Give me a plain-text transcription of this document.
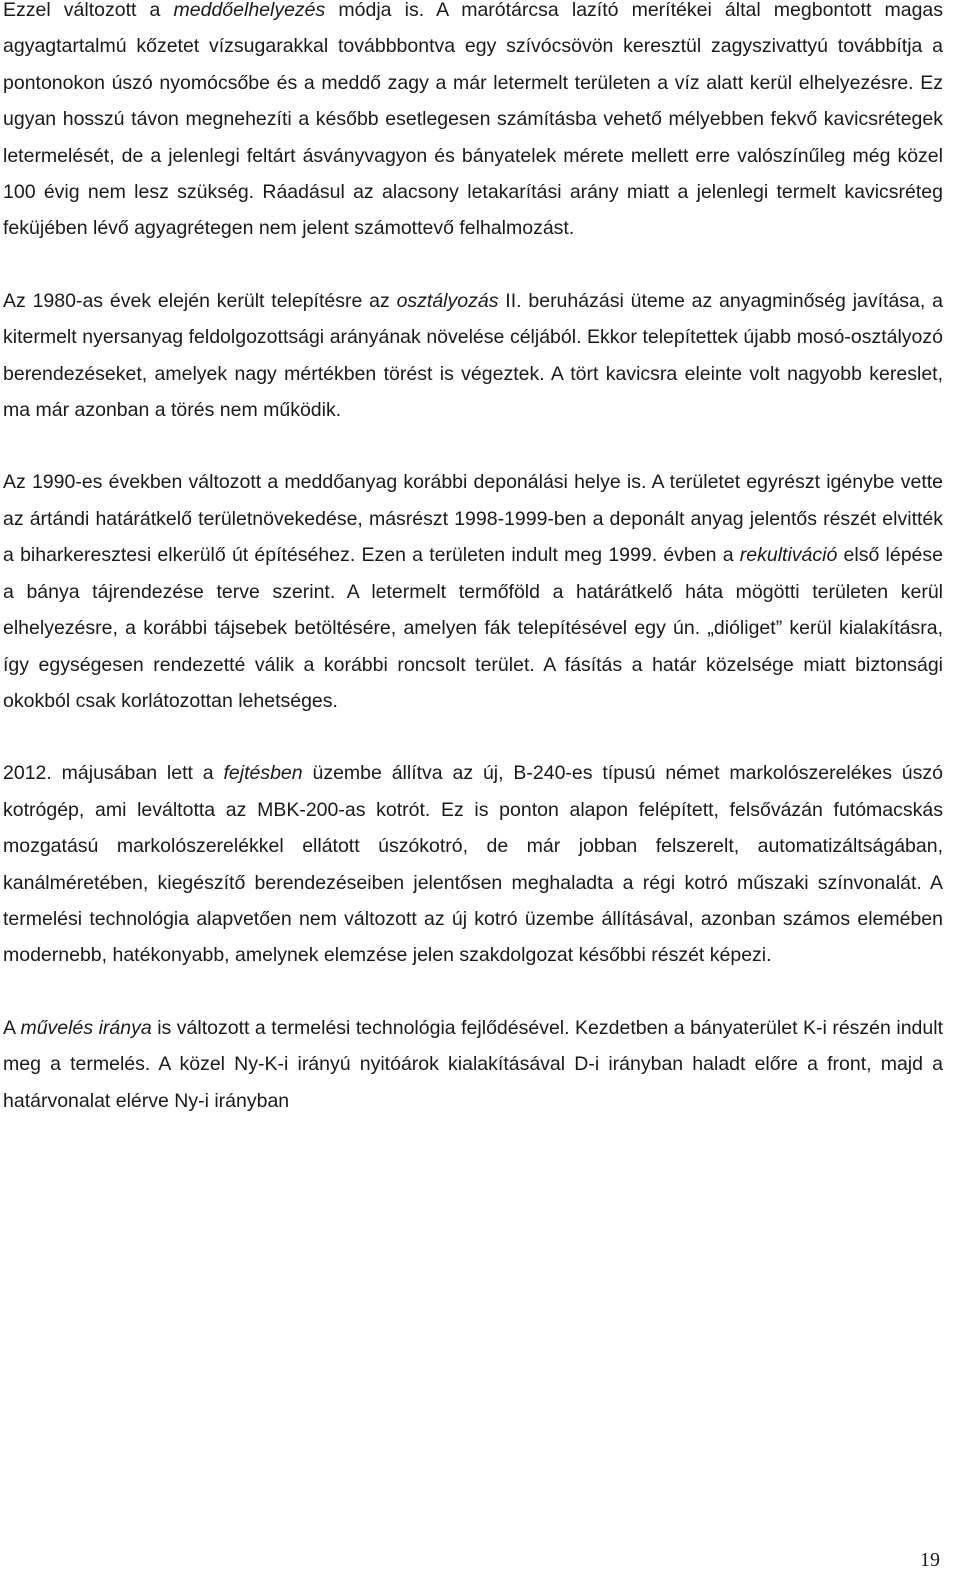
Ezzel változott a meddőelhelyezés módja is. A marótárcsa lazító merítékei által megbontott magas agyagtartalmú kőzetet vízsugarakkal továbbbontva egy szívócsövön keresztül zagyszivattyú továbbítja a pontonokon úszó nyomócsőbe és a meddő zagy a már letermelt területen a víz alatt kerül elhelyezésre. Ez ugyan hosszú távon megnehezíti a később esetlegesen számításba vehető mélyebben fekvő kavicsrétegek letermelését, de a jelenlegi feltárt ásványvagyon és bányatelek mérete mellett erre valószínűleg még közel 100 évig nem lesz szükség. Ráadásul az alacsony letakarítási arány miatt a jelenlegi termelt kavicsréteg feküjében lévő agyagrétegen nem jelent számottevő felhalmozást.

Az 1980-as évek elején került telepítésre az osztályozás II. beruházási üteme az anyagminőség javítása, a kitermelt nyersanyag feldolgozottsági arányának növelése céljából. Ekkor telepítettek újabb mosó-osztályozó berendezéseket, amelyek nagy mértékben törést is végeztek. A tört kavicsra eleinte volt nagyobb kereslet, ma már azonban a törés nem működik.

Az 1990-es években változott a meddőanyag korábbi deponálási helye is. A területet egyrészt igénybe vette az ártándi határátkelő területnövekedése, másrészt 1998-1999-ben a deponált anyag jelentős részét elvitték a biharkeresztesi elkerülő út építéséhez. Ezen a területen indult meg 1999. évben a rekultiváció első lépése a bánya tájrendezése terve szerint. A letermelt termőföld a határátkelő háta mögötti területen kerül elhelyezésre, a korábbi tájsebek betöltésére, amelyen fák telepítésével egy ún. „dióliget” kerül kialakításra, így egységesen rendezetté válik a korábbi roncsolt terület. A fásítás a határ közelsége miatt biztonsági okokból csak korlátozottan lehetséges.

2012. májusában lett a fejtésben üzembe állítva az új, B-240-es típusú német markolószerelékes úszó kotrógép, ami leváltotta az MBK-200-as kotrót. Ez is ponton alapon felépített, felsővázán futómacskás mozgatású markolószerelékkel ellátott úszókotró, de már jobban felszerelt, automatizáltságában, kanálméretében, kiegészítő berendezéseiben jelentősen meghaladta a régi kotró műszaki színvonalát. A termelési technológia alapvetően nem változott az új kotró üzembe állításával, azonban számos elemében modernebb, hatékonyabb, amelynek elemzése jelen szakdolgozat későbbi részét képezi.

A művelés iránya is változott a termelési technológia fejlődésével. Kezdetben a bányaterület K-i részén indult meg a termelés. A közel Ny-K-i irányú nyitóárok kialakításával D-i irányban haladt előre a front, majd a határvonalat elérve Ny-i irányban

19
